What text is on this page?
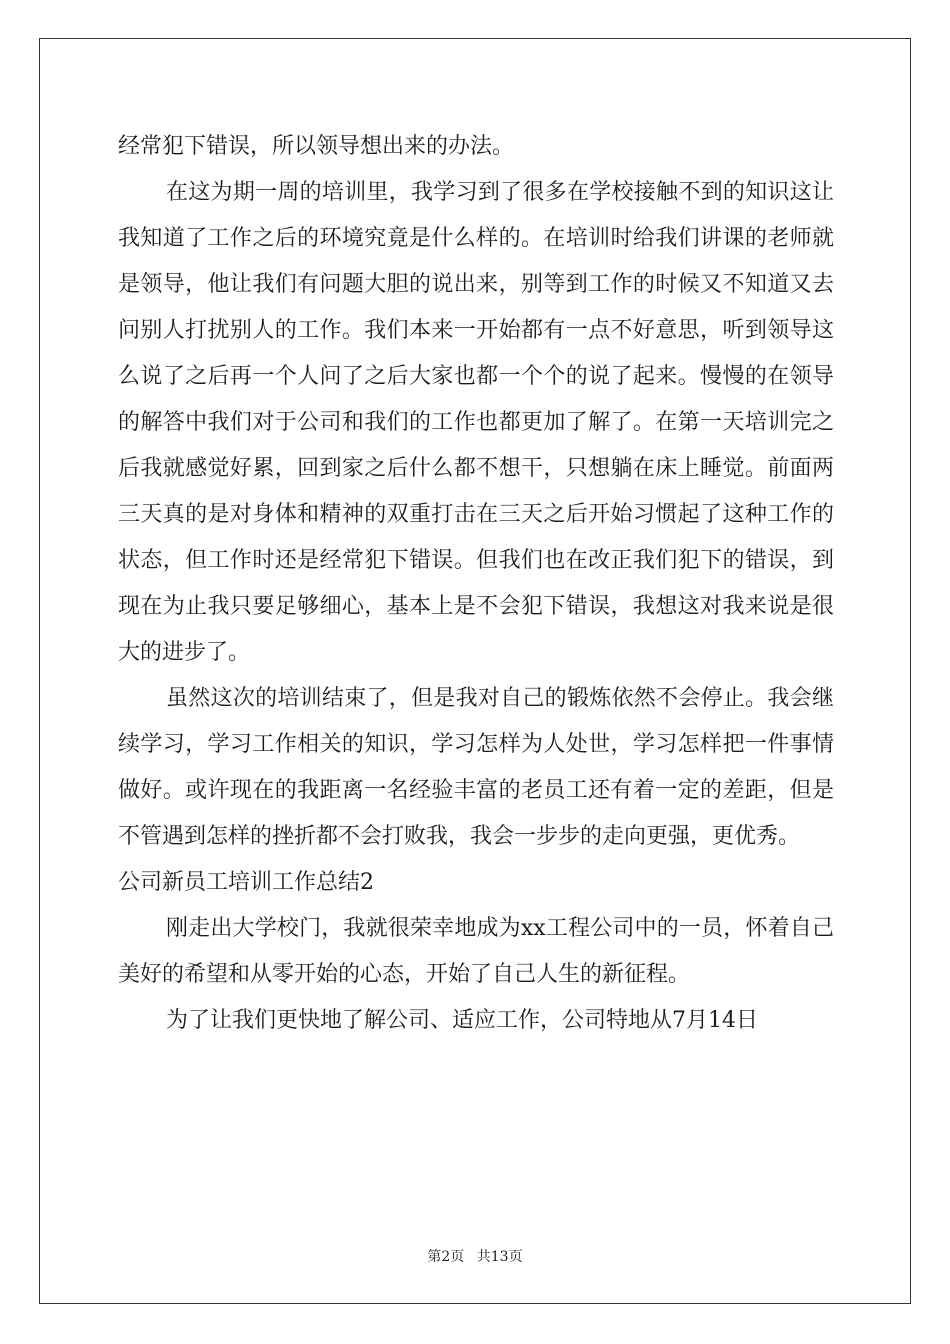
经常犯下错误，所以领导想出来的办法。

在这为期一周的培训里，我学习到了很多在学校接触不到的知识这让我知道了工作之后的环境究竟是什么样的。在培训时给我们讲课的老师就是领导，他让我们有问题大胆的说出来，别等到工作的时候又不知道又去问别人打扰别人的工作。我们本来一开始都有一点不好意思，听到领导这么说了之后再一个人问了之后大家也都一个个的说了起来。慢慢的在领导的解答中我们对于公司和我们的工作也都更加了解了。在第一天培训完之后我就感觉好累，回到家之后什么都不想干，只想躺在床上睡觉。前面两三天真的是对身体和精神的双重打击在三天之后开始习惯起了这种工作的状态，但工作时还是经常犯下错误。但我们也在改正我们犯下的错误，到现在为止我只要足够细心，基本上是不会犯下错误，我想这对我来说是很大的进步了。

虽然这次的培训结束了，但是我对自己的锻炼依然不会停止。我会继续学习，学习工作相关的知识，学习怎样为人处世，学习怎样把一件事情做好。或许现在的我距离一名经验丰富的老员工还有着一定的差距，但是不管遇到怎样的挫折都不会打败我，我会一步步的走向更强，更优秀。

公司新员工培训工作总结2

刚走出大学校门，我就很荣幸地成为xx工程公司中的一员，怀着自己美好的希望和从零开始的心态，开始了自己人生的新征程。

为了让我们更快地了解公司、适应工作，公司特地从7月14日

第2页 共13页
